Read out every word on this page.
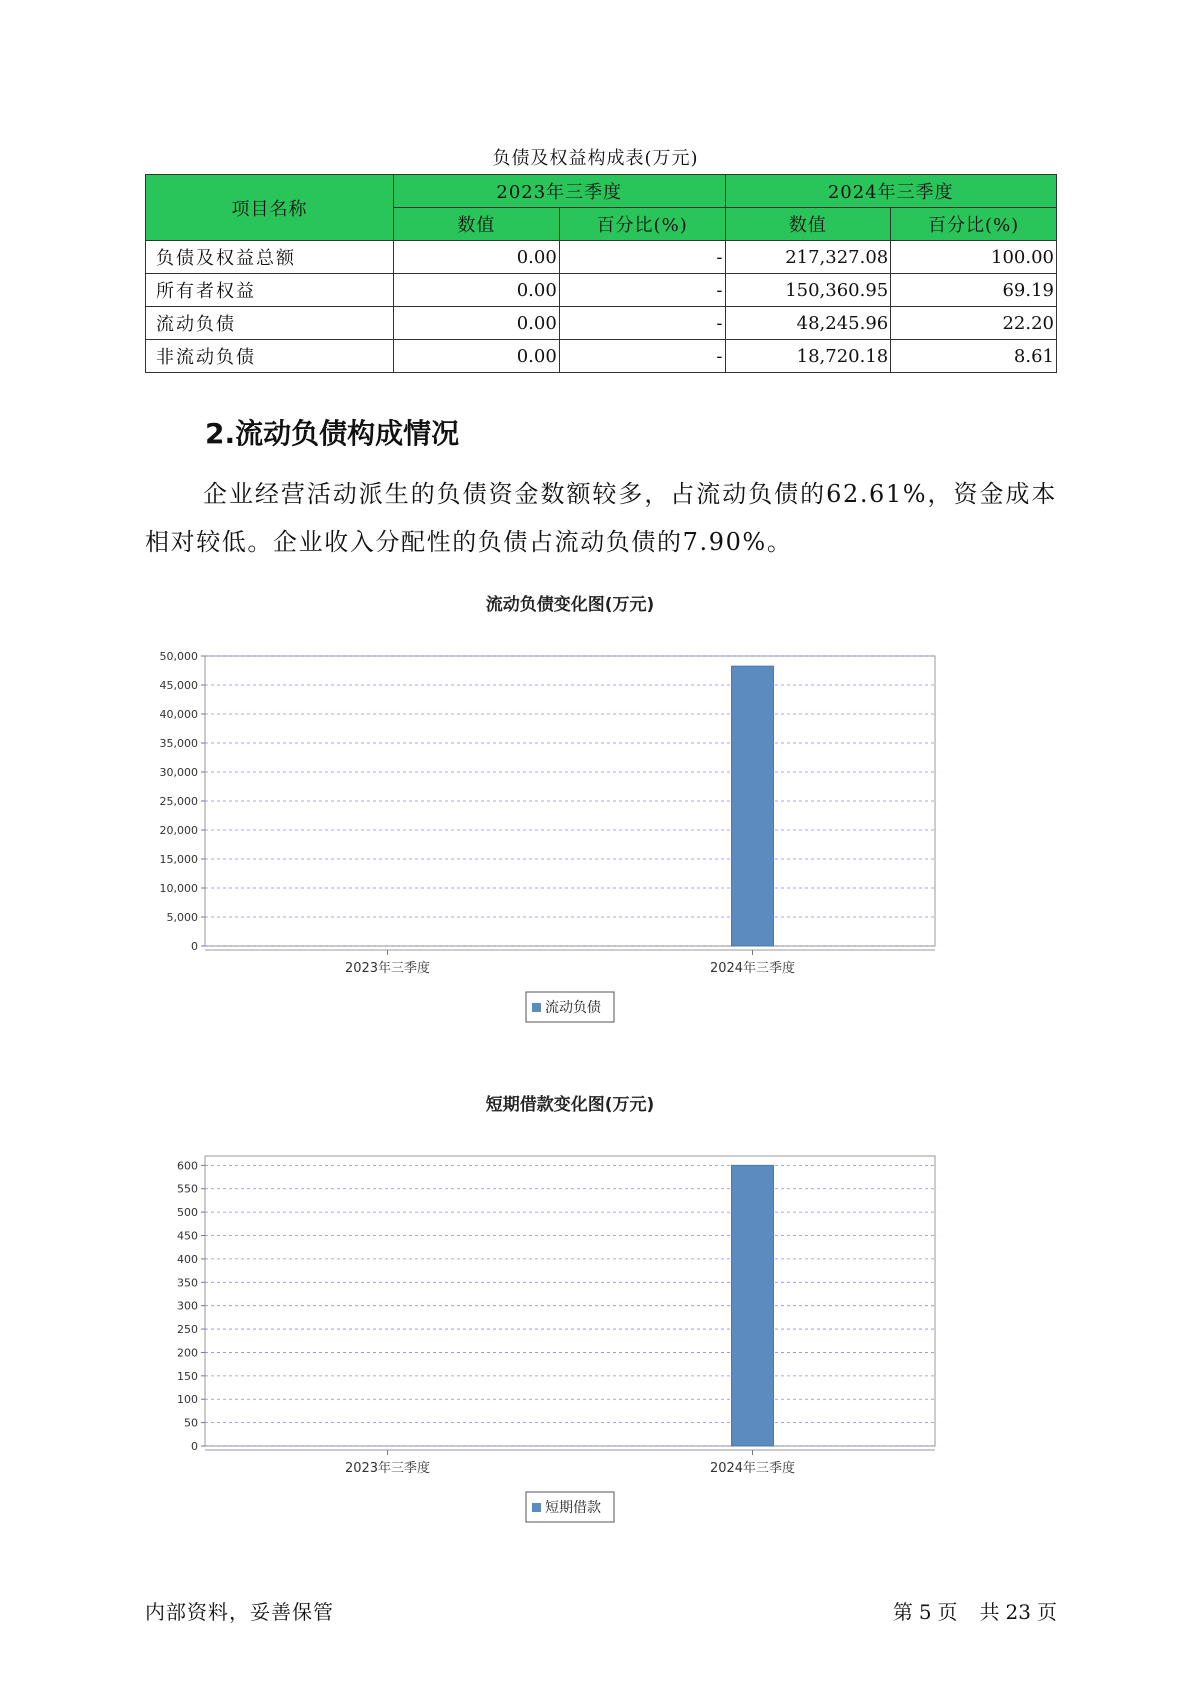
负债及权益构成表(万元)
项目名称	2023年三季度		2024年三季度	
	数值	百分比(%)	数值	百分比(%)
负债及权益总额	0.00	-	217,327.08	100.00
所有者权益	0.00	-	150,360.95	69.19
流动负债	0.00	-	48,245.96	22.20
非流动负债	0.00	-	18,720.18	8.61
2.流动负债构成情况

企业经营活动派生的负债资金数额较多，占流动负债的62.61%，资金成本相对较低。企业收入分配性的负债占流动负债的7.90%。

流动负债变化图(万元)
0
5,000
10,000
15,000
20,000
25,000
30,000
35,000
40,000
45,000
50,000
2023年三季度	2024年三季度
流动负债
短期借款变化图(万元)
0
50
100
150
200
250
300
350
400
450
500
550
600
2023年三季度	2024年三季度
短期借款
内部资料，妥善保管	第 5 页 共 23 页
